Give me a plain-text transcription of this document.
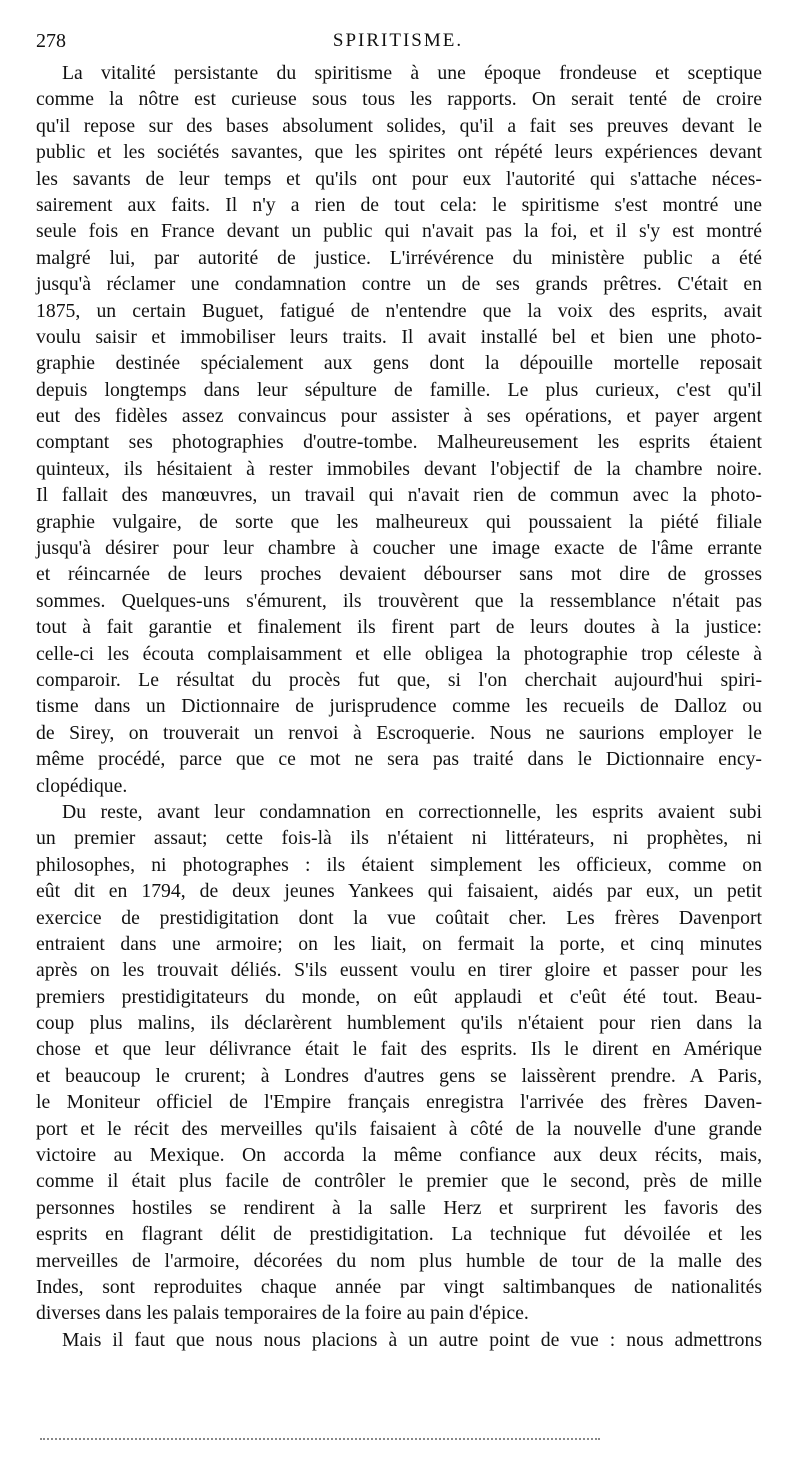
278	SPIRITISME.
La vitalité persistante du spiritisme à une époque frondeuse et sceptique
comme la nôtre est curieuse sous tous les rapports. On serait tenté de croire
qu'il repose sur des bases absolument solides, qu'il a fait ses preuves devant le
public et les sociétés savantes, que les spirites ont répété leurs expériences devant
les savants de leur temps et qu'ils ont pour eux l'autorité qui s'attache néces-
sairement aux faits. Il n'y a rien de tout cela: le spiritisme s'est montré une
seule fois en France devant un public qui n'avait pas la foi, et il s'y est montré
malgré lui, par autorité de justice. L'irrévérence du ministère public a été
jusqu'à réclamer une condamnation contre un de ses grands prêtres. C'était en
1875, un certain Buguet, fatigué de n'entendre que la voix des esprits, avait
voulu saisir et immobiliser leurs traits. Il avait installé bel et bien une photo-
graphie destinée spécialement aux gens dont la dépouille mortelle reposait
depuis longtemps dans leur sépulture de famille. Le plus curieux, c'est qu'il
eut des fidèles assez convaincus pour assister à ses opérations, et payer argent
comptant ses photographies d'outre-tombe. Malheureusement les esprits étaient
quinteux, ils hésitaient à rester immobiles devant l'objectif de la chambre noire.
Il fallait des manœuvres, un travail qui n'avait rien de commun avec la photo-
graphie vulgaire, de sorte que les malheureux qui poussaient la piété filiale
jusqu'à désirer pour leur chambre à coucher une image exacte de l'âme errante
et réincarnée de leurs proches devaient débourser sans mot dire de grosses
sommes. Quelques-uns s'émurent, ils trouvèrent que la ressemblance n'était pas
tout à fait garantie et finalement ils firent part de leurs doutes à la justice:
celle-ci les écouta complaisamment et elle obligea la photographie trop céleste à
comparoir. Le résultat du procès fut que, si l'on cherchait aujourd'hui spiri-
tisme dans un Dictionnaire de jurisprudence comme les recueils de Dalloz ou
de Sirey, on trouverait un renvoi à Escroquerie. Nous ne saurions employer le
même procédé, parce que ce mot ne sera pas traité dans le Dictionnaire ency-
clopédique.
Du reste, avant leur condamnation en correctionnelle, les esprits avaient subi
un premier assaut; cette fois-là ils n'étaient ni littérateurs, ni prophètes, ni
philosophes, ni photographes : ils étaient simplement les officieux, comme on
eût dit en 1794, de deux jeunes Yankees qui faisaient, aidés par eux, un petit
exercice de prestidigitation dont la vue coûtait cher. Les frères Davenport
entraient dans une armoire; on les liait, on fermait la porte, et cinq minutes
après on les trouvait déliés. S'ils eussent voulu en tirer gloire et passer pour les
premiers prestidigitateurs du monde, on eût applaudi et c'eût été tout. Beau-
coup plus malins, ils déclarèrent humblement qu'ils n'étaient pour rien dans la
chose et que leur délivrance était le fait des esprits. Ils le dirent en Amérique
et beaucoup le crurent; à Londres d'autres gens se laissèrent prendre. A Paris,
le Moniteur officiel de l'Empire français enregistra l'arrivée des frères Daven-
port et le récit des merveilles qu'ils faisaient à côté de la nouvelle d'une grande
victoire au Mexique. On accorda la même confiance aux deux récits, mais,
comme il était plus facile de contrôler le premier que le second, près de mille
personnes hostiles se rendirent à la salle Herz et surprirent les favoris des
esprits en flagrant délit de prestidigitation. La technique fut dévoilée et les
merveilles de l'armoire, décorées du nom plus humble de tour de la malle des
Indes, sont reproduites chaque année par vingt saltimbanques de nationalités
diverses dans les palais temporaires de la foire au pain d'épice.
Mais il faut que nous nous placions à un autre point de vue : nous admettrons
